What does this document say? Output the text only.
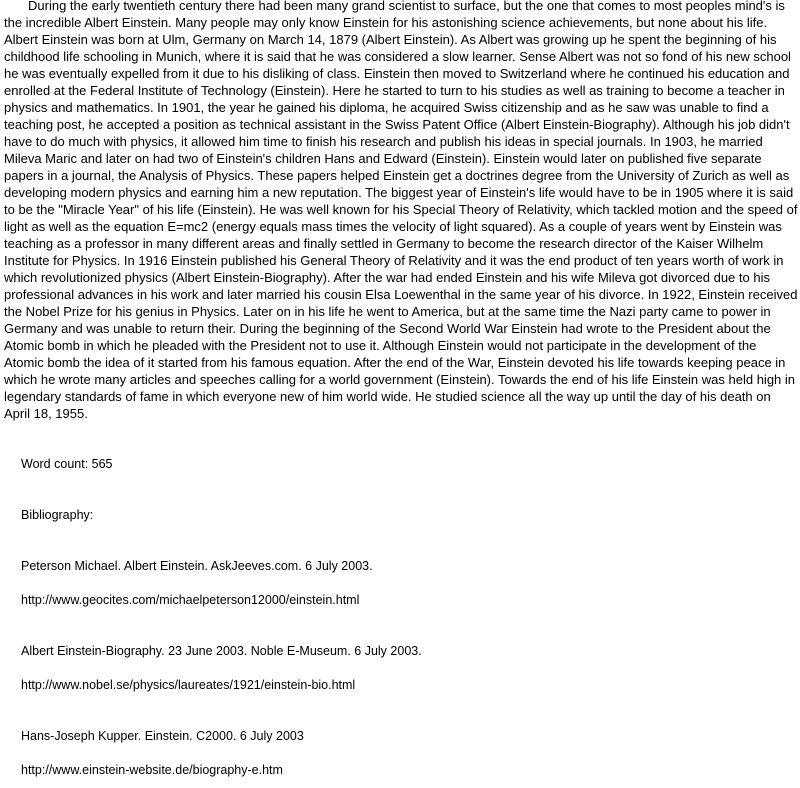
During the early twentieth century there had been many grand scientist to surface, but the one that comes to most peoples mind's is the incredible Albert Einstein. Many people may only know Einstein for his astonishing science achievements, but none about his life. Albert Einstein was born at Ulm, Germany on March 14, 1879 (Albert Einstein). As Albert was growing up he spent the beginning of his childhood life schooling in Munich, where it is said that he was considered a slow learner. Sense Albert was not so fond of his new school he was eventually expelled from it due to his disliking of class. Einstein then moved to Switzerland where he continued his education and enrolled at the Federal Institute of Technology (Einstein). Here he started to turn to his studies as well as training to become a teacher in physics and mathematics. In 1901, the year he gained his diploma, he acquired Swiss citizenship and as he saw was unable to find a teaching post, he accepted a position as technical assistant in the Swiss Patent Office (Albert Einstein-Biography). Although his job didn't have to do much with physics, it allowed him time to finish his research and publish his ideas in special journals. In 1903, he married Mileva Maric and later on had two of Einstein's children Hans and Edward (Einstein). Einstein would later on published five separate papers in a journal, the Analysis of Physics. These papers helped Einstein get a doctrines degree from the University of Zurich as well as developing modern physics and earning him a new reputation. The biggest year of Einstein's life would have to be in 1905 where it is said to be the "Miracle Year" of his life (Einstein). He was well known for his Special Theory of Relativity, which tackled motion and the speed of light as well as the equation E=mc2 (energy equals mass times the velocity of light squared). As a couple of years went by Einstein was teaching as a professor in many different areas and finally settled in Germany to become the research director of the Kaiser Wilhelm Institute for Physics. In 1916 Einstein published his General Theory of Relativity and it was the end product of ten years worth of work in which revolutionized physics (Albert Einstein-Biography). After the war had ended Einstein and his wife Mileva got divorced due to his professional advances in his work and later married his cousin Elsa Loewenthal in the same year of his divorce. In 1922, Einstein received the Nobel Prize for his genius in Physics. Later on in his life he went to America, but at the same time the Nazi party came to power in Germany and was unable to return their. During the beginning of the Second World War Einstein had wrote to the President about the Atomic bomb in which he pleaded with the President not to use it. Although Einstein would not participate in the development of the Atomic bomb the idea of it started from his famous equation. After the end of the War, Einstein devoted his life towards keeping peace in which he wrote many articles and speeches calling for a world government (Einstein). Towards the end of his life Einstein was held high in legendary standards of fame in which everyone new of him world wide. He studied science all the way up until the day of his death on April 18, 1955.

Word count: 565

Bibliography:

Peterson Michael. Albert Einstein. AskJeeves.com. 6 July 2003.

http://www.geocites.com/michaelpeterson12000/einstein.html

Albert Einstein-Biography. 23 June 2003. Noble E-Museum. 6 July 2003.

http://www.nobel.se/physics/laureates/1921/einstein-bio.html

Hans-Joseph Kupper. Einstein. C2000. 6 July 2003

http://www.einstein-website.de/biography-e.htm
